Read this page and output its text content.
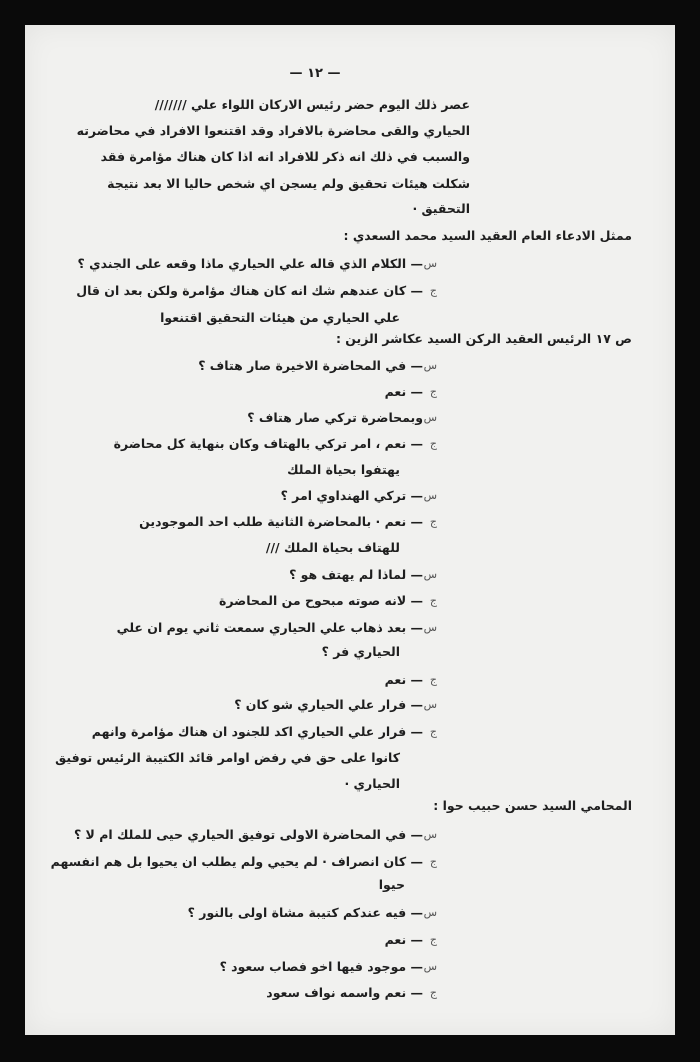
— ١٢ —
عصر ذلك اليوم حضر رئيس الاركان اللواء علي ///////
الحياري والقى محاضرة بالافراد وقد اقتنعوا الافراد في محاضرته
والسبب في ذلك انه ذكر للافراد انه اذا كان هناك مؤامرة فقد
شكلت هيئات تحقيق ولم يسجن اي شخص حاليا الا بعد نتيجة
التحقيق ·
ممثل الادعاء العام العقيد السيد محمد السعدي :
ص ١٧ الرئيس العقيد الركن السيد عكاشر الزين :
المحامي السيد حسن حبيب حوا :
س
— الكلام الذي قاله علي الحياري ماذا وقعه على الجندي ؟
ج
— كان عندهم شك انه كان هناك مؤامرة ولكن بعد ان قال
علي الحياري من هيئات التحقيق اقتنعوا
س
— في المحاضرة الاخيرة صار هتاف ؟
ج
— نعم
س
وبمحاضرة تركي صار هتاف ؟
ج
— نعم ، امر تركي بالهتاف وكان بنهاية كل محاضرة
يهتفوا بحياة الملك
س
— تركي الهنداوي امر ؟
ج
— نعم · بالمحاضرة الثانية طلب احد الموجودين
للهتاف بحياة الملك ///
س
— لماذا لم يهتف هو ؟
ج
— لانه صوته مبحوح من المحاضرة
س
— بعد ذهاب علي الحياري سمعت ثاني يوم ان علي
الحياري فر ؟
ج
— نعم
س
— فرار علي الحياري شو كان ؟
ج
— فرار علي الحياري اكد للجنود ان هناك مؤامرة وانهم
كانوا على حق في رفض اوامر قائد الكتيبة الرئيس توفيق
الحياري ·
س
— في المحاضرة الاولى توفيق الحياري حيى للملك ام لا ؟
ج
— كان انصراف · لم يحيي ولم يطلب ان يحيوا بل هم انفسهم
حيوا
س
— فيه عندكم كتيبة مشاة اولى بالنور ؟
ج
— نعم
س
— موجود فيها اخو فصاب سعود ؟
ج
— نعم واسمه نواف سعود
